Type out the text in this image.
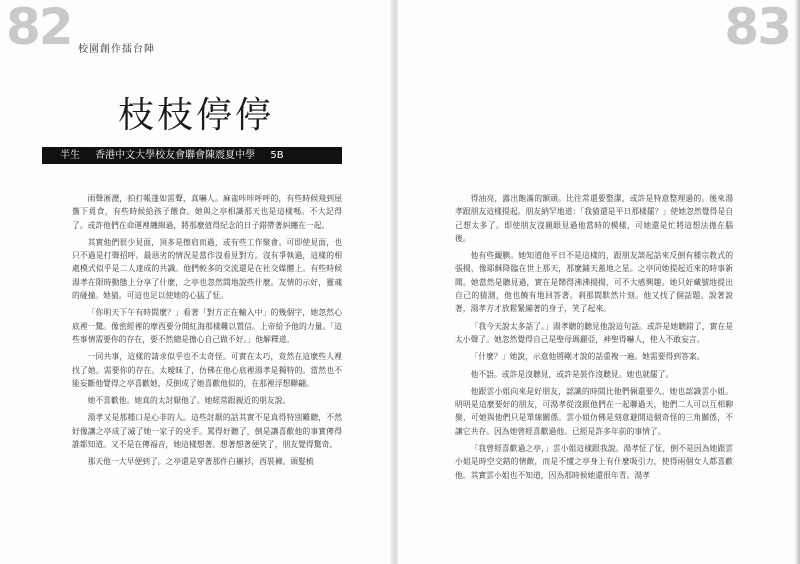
82 校園創作擂台陣
枝枝停停
半生 香港中文大學校友會聯會陳震夏中學 5B

雨聲淅瀝，拍打帳蓬如雷聲，真嚇人。麻雀咔咔呼呼的，有些時候飛到屋簷下覓食，有些時候給孩子餵食。她與之亭相識那天也是這樣嗎。不大記得了。或許他們在命運裡纏綿過，將那麼值得紀念的日子錯帶著糾纏在一起。

其實他們很少見面，頂多是擦肩而過，或有些工作聚會。可即使見面，也只不過是打聲招呼。最惡劣的情況是當作沒看見對方。沒有爭執過，這樣的相處模式似乎是二人達成的共識。他們較多的交流還是在社交媒體上。有些時候湯孝在限時動態上分享了什麼，之亭也忽然間地說些什麼。友情的示好，靈魂的碰撞。她猜。可這也足以使她的心猛了怔。

「你明天下午有時間麼？」看著「對方正在輸入中」的幾個字，她忽然心底裡一驚。像密經裡的摩西要分開紅海那樣難以置信。上帝給予他的力量。「這些事情需要你的存在，要不然總是擔心自己做不好。」他解釋道。

一同共事，這樣的請求似乎也不太奇怪。可實在太巧，竟然在這麼些人裡找了她。需要你的存在。太曖昧了，仿佛在他心底裡湯孝是獨特的。當然也不能妄斷他覺得之亭喜歡她，反倒成了她喜歡他似的，在那裡浮想聯翩。

她不喜歡他。她真的太討厭他了。她經常跟親近的朋友說。

湯孝又是那種口是心非的人。這些討厭的話其實不是真得特別難聽，不然好像讓之亭成了滅了她一家子的兇手。罵得好聽了，倒是讓喜歡他的事實傳得誰都知道。又不是在傳福音，她這樣想著。想著想著便笑了，朋友覺得驚奇。

那天他一大早便到了。之亭還是穿著那件白襯衫，西裝褲。頭髮梳

83

得油亮，露出飽滿的額頭。比往常還要整潔，或許是特意整理過的。後來湯孝跟朋友這樣提起。朋友納罕地道：「我猜還是平日那樣罷？」使她忽然覺得是自己想太多了。即使朋友沒親眼見過他當時的模樣，可她還是忙將這想法拋在腦後。

他有些靦腆。她知道他平日不是這樣的，跟朋友談起話來反倒有種宗教式的張揚，像耶穌降臨在世上那天，那麼鋪天蓋地之星。之亭同她提起近來的時事新聞。她當然是聽見過，實在是鬧得沸沸揚揚，可不大感興趣。她只好藏號地提出自己的猜測，他也饒有地回答著。剎那間默然片刻。他又找了個話題。說著說著，湯孝方才放鬆緊繃著的身子，笑了起來。

「我今天說太多話了。」湯孝聽的聽見他說這句話。或許是她聽錯了，實在是太小聲了。她忽然覺得自己是聖母瑪麗亞，神聖得嚇人，使人不敢妄言。

「什麼？」她說，示意他將剛才說的話重複一遍。她需要得到答案。

他不語。或許是沒聽見，或許是裝作沒聽見。她也就罷了。

他跟雲小姐向來是好朋友，認識的時間比他們倆還要久。她也認識雲小姐。明明是這麼要好的朋友，可湯孝從沒跟他們在一起聯過天，他們二人可以互相聊聚，可她與他們只是單線關係。雲小姐仿佛是刻意避開這個奇怪的三角關係，不讓它共存。因為她曾經喜歡過他。已經是許多年前的事情了。

「我曾經喜歡過之亭，」雲小姐這樣跟我說。湯孝怔了怔，倒不是因為她跟雲小姐是時空交錯的情敵，而是不懂之亭身上有什麼吸引力，使得兩個女人都喜歡他。其實雲小姐也不知道，因為那時候她還很年青。湯孝
